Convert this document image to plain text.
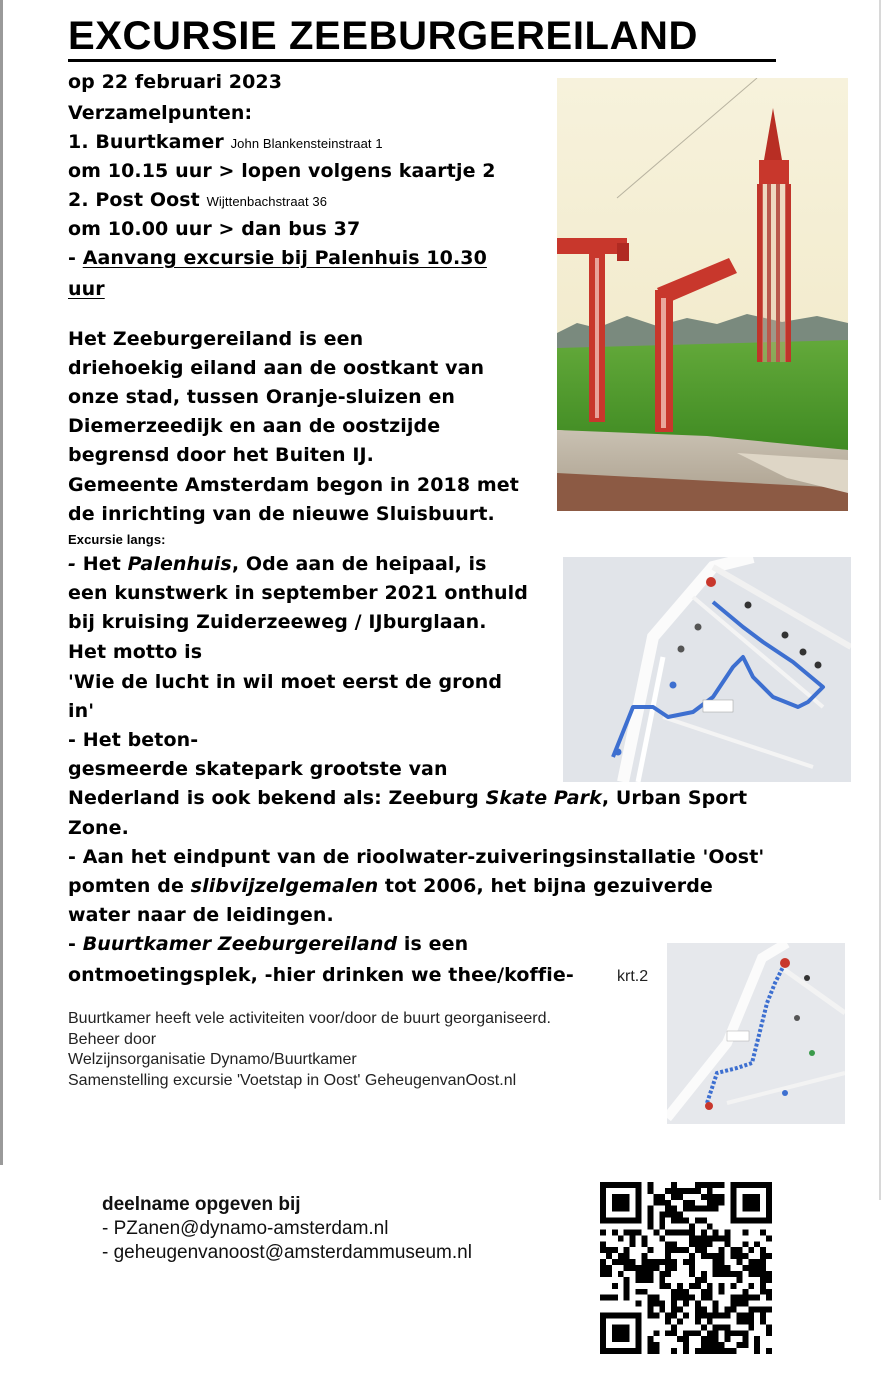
EXCURSIE ZEEBURGEREILAND
op 22 februari 2023
Verzamelpunten:
1. Buurtkamer John Blankensteinstraat 1
om 10.15 uur > lopen volgens kaartje 2
2. Post Oost Wijttenbachstraat 36
om 10.00 uur > dan bus 37
- Aanvang excursie bij Palenhuis 10.30
uur
Het Zeeburgereiland is een
driehoekig eiland aan de oostkant van
onze stad, tussen Oranje-sluizen en
Diemerzeedijk en aan de oostzijde
begrensd door het Buiten IJ.
Gemeente Amsterdam begon in 2018 met
de inrichting van de nieuwe Sluisbuurt.
Excursie langs:
- Het Palenhuis, Ode aan de heipaal, is
een kunstwerk in september 2021 onthuld
bij kruising Zuiderzeeweg / IJburglaan.
Het motto is
'Wie de lucht in wil moet eerst de grond
in'
- Het beton-
gesmeerde skatepark grootste van
Nederland is ook bekend als: Zeeburg Skate Park, Urban Sport
Zone.
- Aan het eindpunt van de rioolwater-zuiveringsinstallatie 'Oost'
pomten de slibvijzelgemalen tot 2006, het bijna gezuiverde
water naar de leidingen.
- Buurtkamer Zeeburgereiland is een
ontmoetingsplek, -hier drinken we thee/koffie-	krt.2
Buurtkamer heeft vele activiteiten voor/door de buurt georganiseerd.
Beheer door
Welzijnsorganisatie Dynamo/Buurtkamer
Samenstelling excursie 'Voetstap in Oost' GeheugenvanOost.nl
deelname opgeven bij
- PZanen@dynamo-amsterdam.nl
- geheugenvanoost@amsterdammuseum.nl
